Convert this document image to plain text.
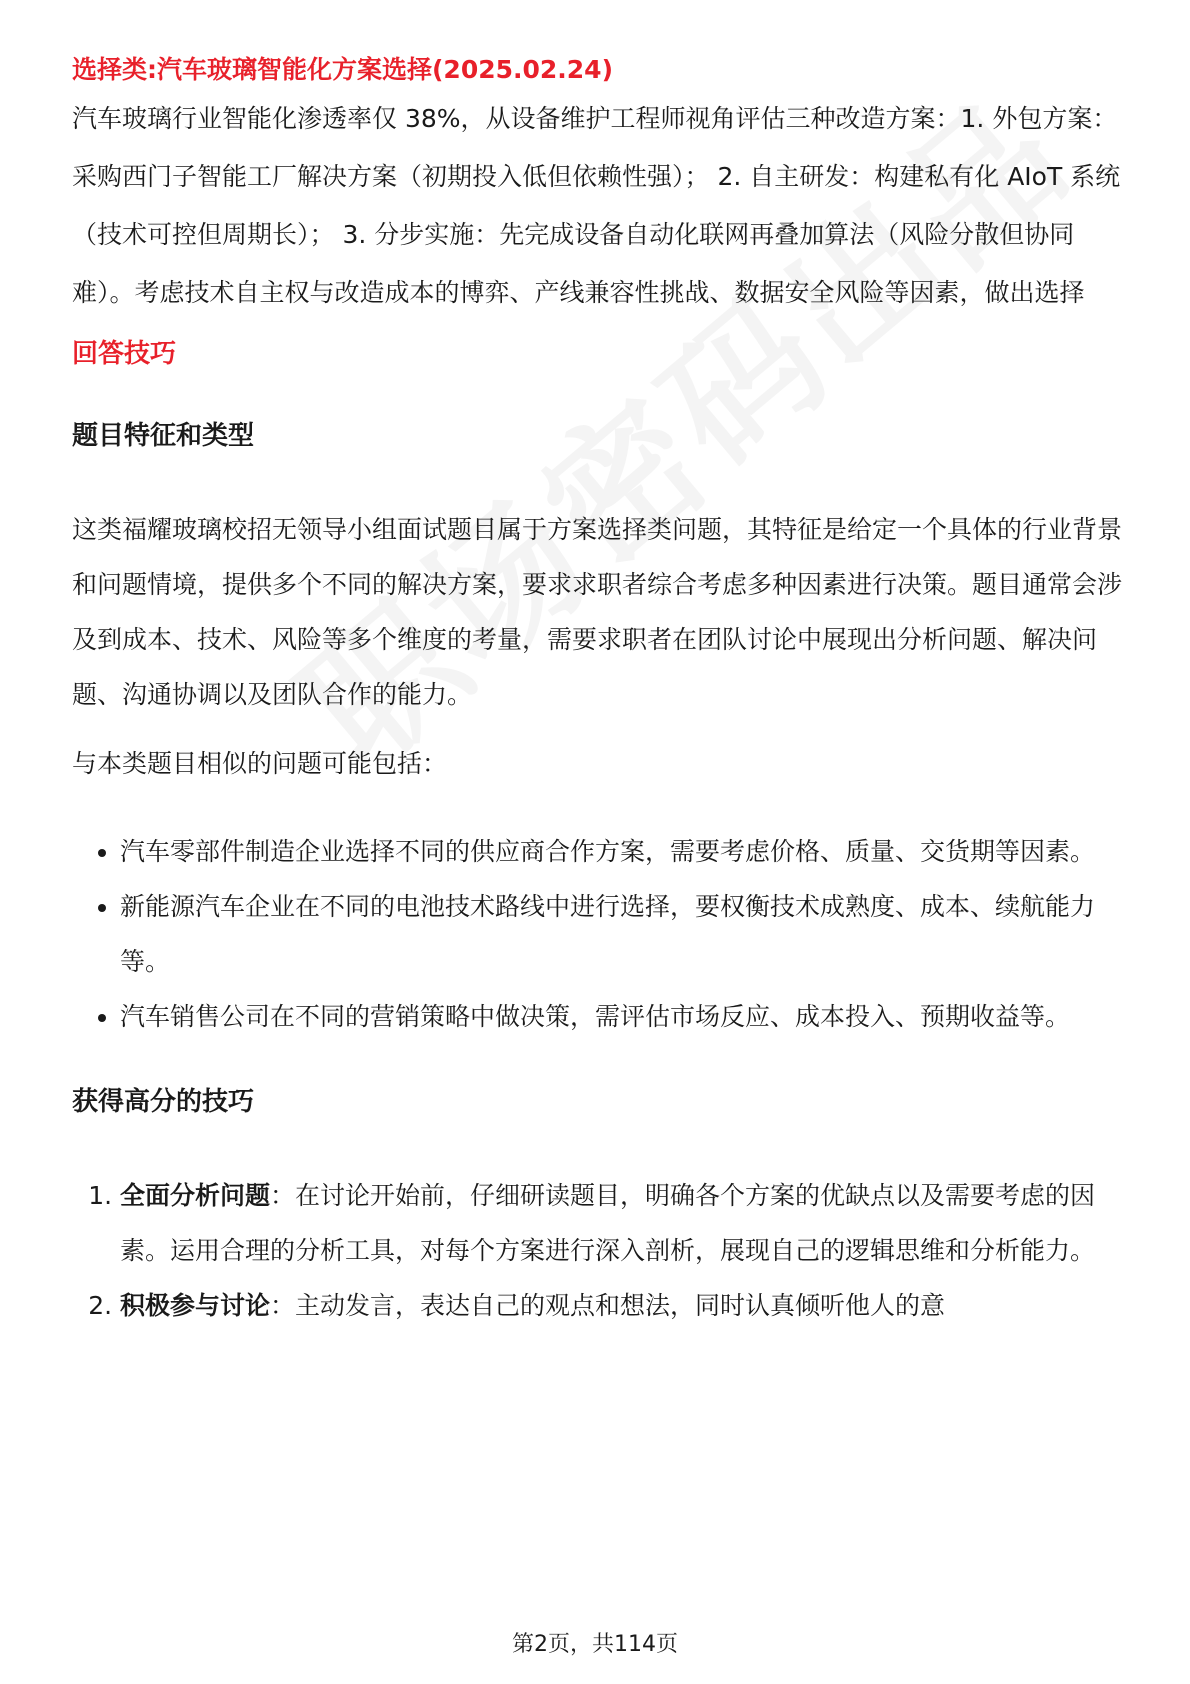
选择类:汽车玻璃智能化方案选择(2025.02.24)

汽车玻璃行业智能化渗透率仅 38%，从设备维护工程师视角评估三种改造方案：1. 外包方案：采购西门子智能工厂解决方案（初期投入低但依赖性强）； 2. 自主研发：构建私有化 AIoT 系统（技术可控但周期长）； 3. 分步实施：先完成设备自动化联网再叠加算法（风险分散但协同难）。考虑技术自主权与改造成本的博弈、产线兼容性挑战、数据安全风险等因素，做出选择

回答技巧
题目特征和类型

这类福耀玻璃校招无领导小组面试题目属于方案选择类问题，其特征是给定一个具体的行业背景和问题情境，提供多个不同的解决方案，要求求职者综合考虑多种因素进行决策。题目通常会涉及到成本、技术、风险等多个维度的考量，需要求职者在团队讨论中展现出分析问题、解决问题、沟通协调以及团队合作的能力。

与本类题目相似的问题可能包括：

• 汽车零部件制造企业选择不同的供应商合作方案，需要考虑价格、质量、交货期等因素。
• 新能源汽车企业在不同的电池技术路线中进行选择，要权衡技术成熟度、成本、续航能力等。
• 汽车销售公司在不同的营销策略中做决策，需评估市场反应、成本投入、预期收益等。
获得高分的技巧
1. 全面分析问题：在讨论开始前，仔细研读题目，明确各个方案的优缺点以及需要考虑的因素。运用合理的分析工具，对每个方案进行深入剖析，展现自己的逻辑思维和分析能力。
2. 积极参与讨论：主动发言，表达自己的观点和想法，同时认真倾听他人的意
第2页，共114页
